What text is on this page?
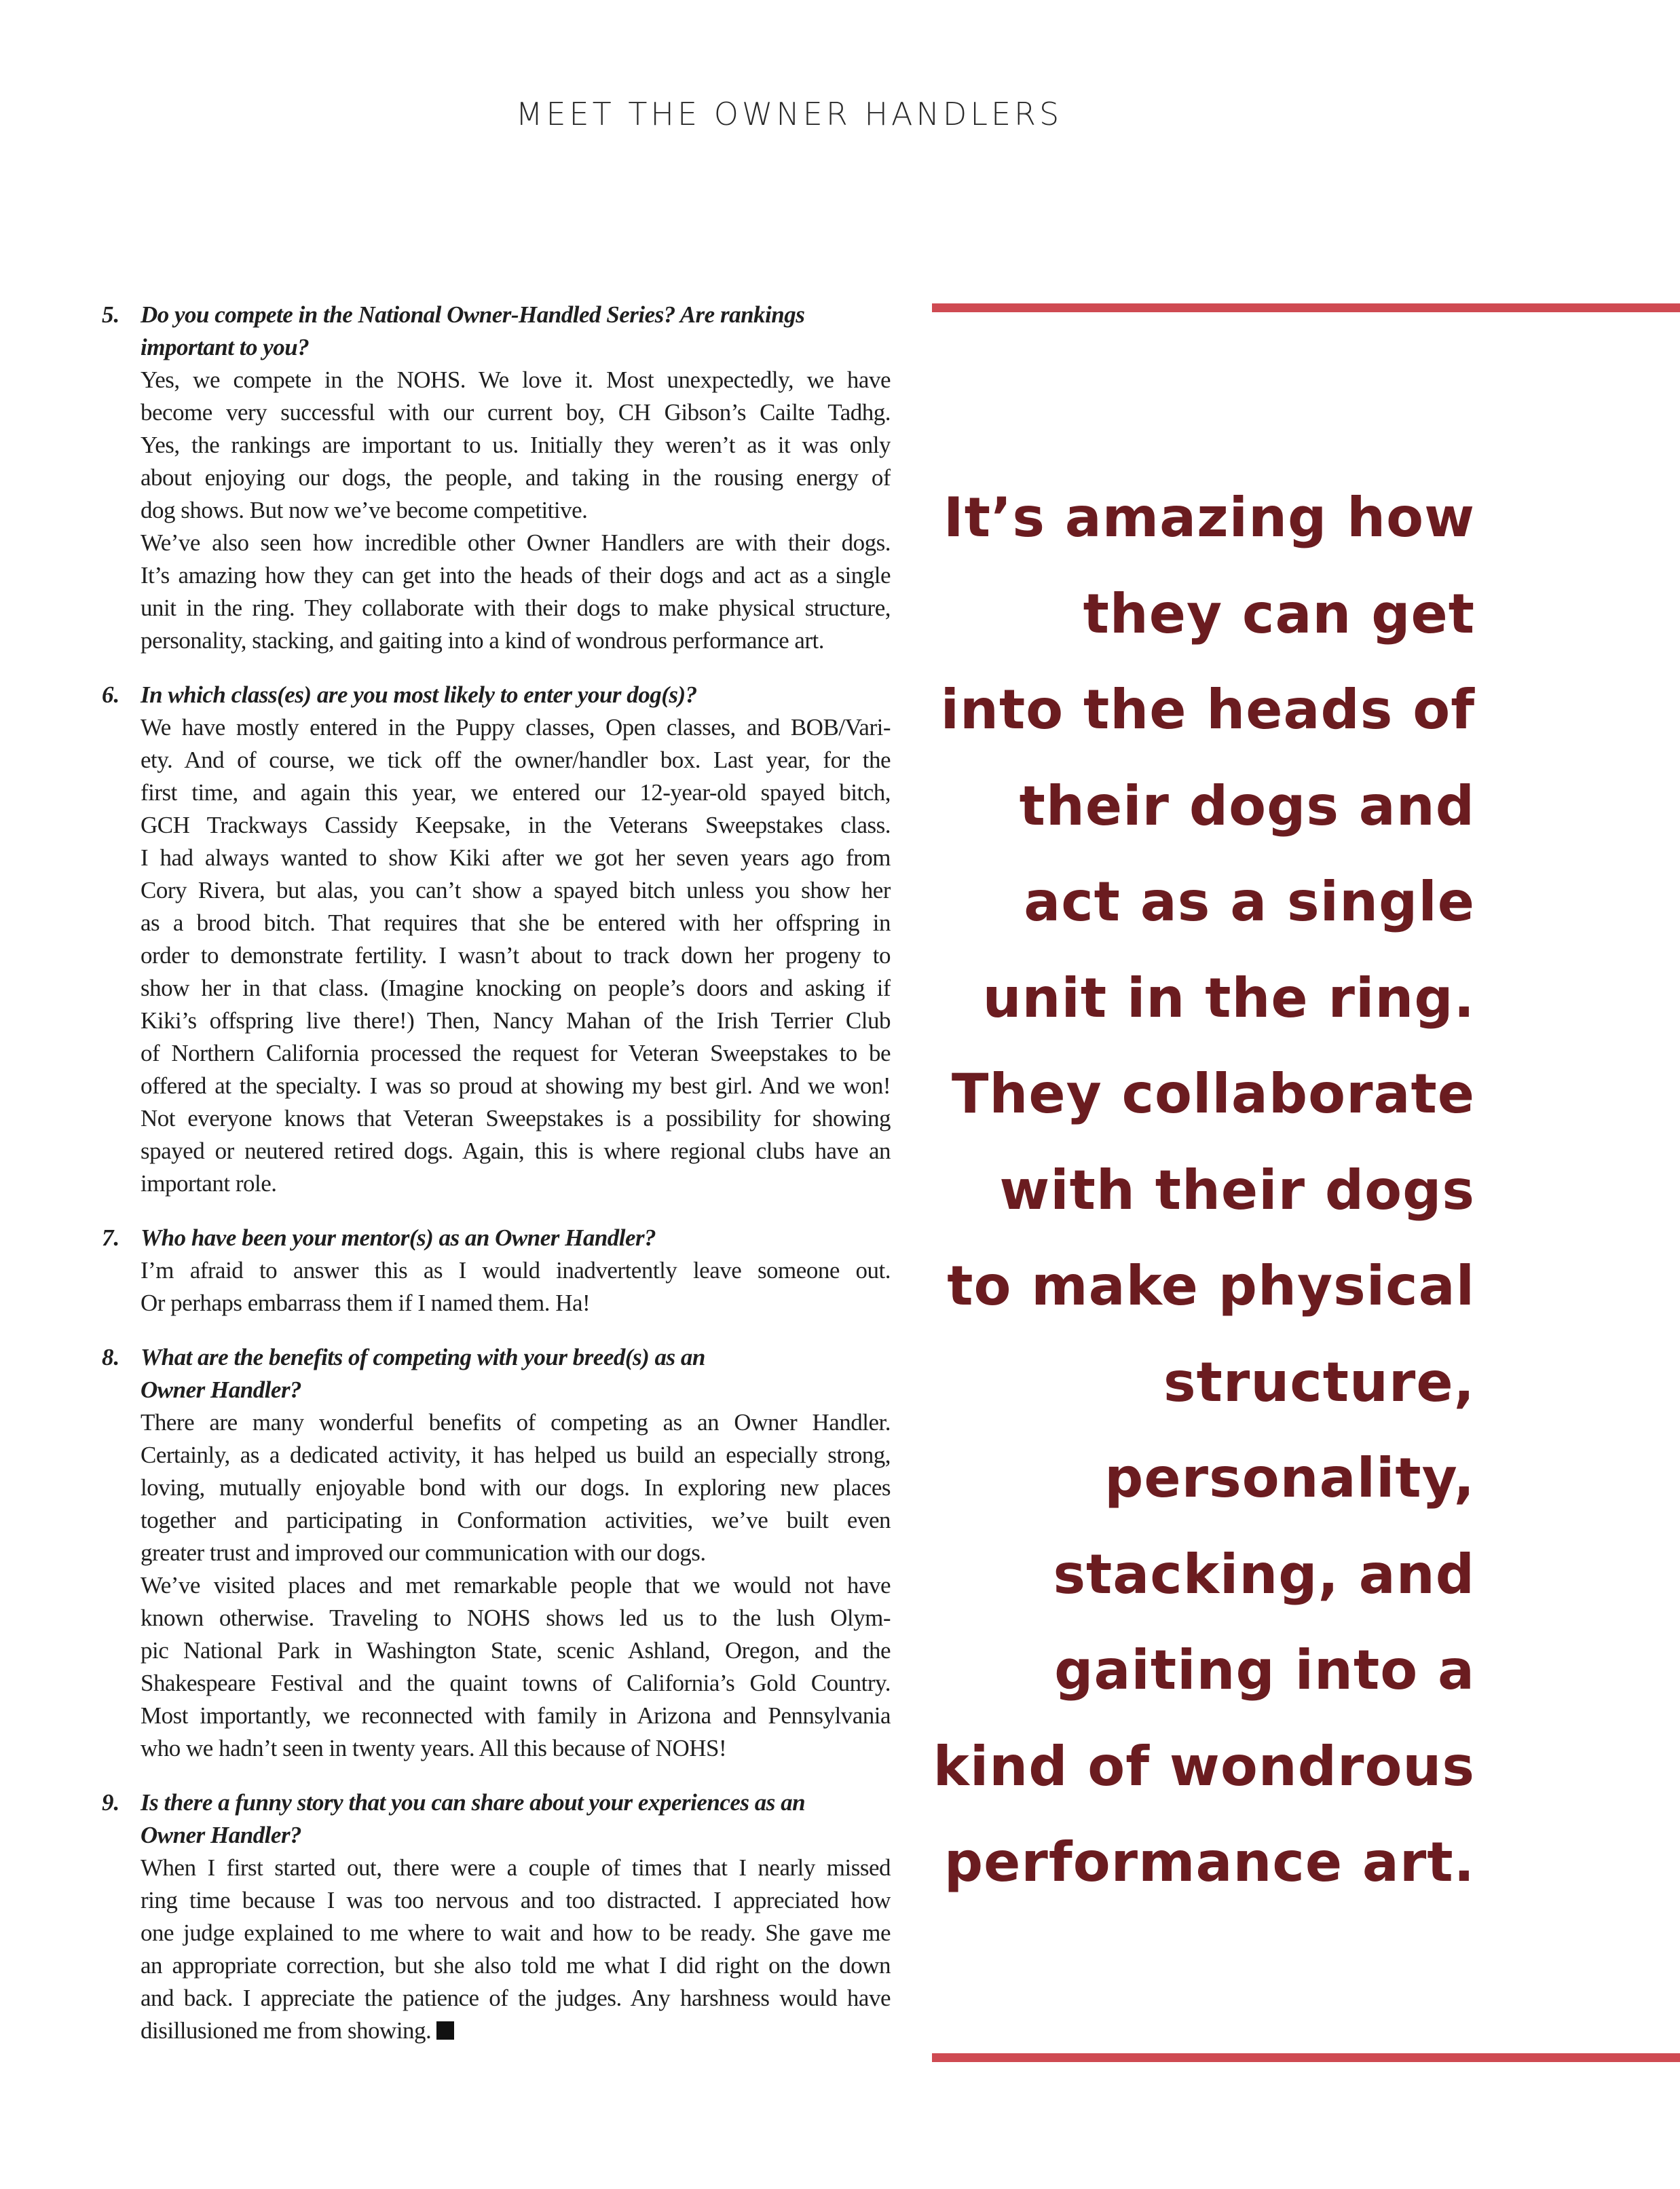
MEET THE OWNER HANDLERS
5. Do you compete in the National Owner-Handled Series? Are rankings
important to you?
Yes, we compete in the NOHS. We love it. Most unexpectedly, we have
become very successful with our current boy, CH Gibson’s Cailte Tadhg.
Yes, the rankings are important to us. Initially they weren’t as it was only
about enjoying our dogs, the people, and taking in the rousing energy of
dog shows. But now we’ve become competitive.
We’ve also seen how incredible other Owner Handlers are with their dogs.
It’s amazing how they can get into the heads of their dogs and act as a single
unit in the ring. They collaborate with their dogs to make physical structure,
personality, stacking, and gaiting into a kind of wondrous performance art.
6. In which class(es) are you most likely to enter your dog(s)?
We have mostly entered in the Puppy classes, Open classes, and BOB/Vari-
ety. And of course, we tick off the owner/handler box. Last year, for the
first time, and again this year, we entered our 12-year-old spayed bitch,
GCH Trackways Cassidy Keepsake, in the Veterans Sweepstakes class.
I had always wanted to show Kiki after we got her seven years ago from
Cory Rivera, but alas, you can’t show a spayed bitch unless you show her
as a brood bitch. That requires that she be entered with her offspring in
order to demonstrate fertility. I wasn’t about to track down her progeny to
show her in that class. (Imagine knocking on people’s doors and asking if
Kiki’s offspring live there!) Then, Nancy Mahan of the Irish Terrier Club
of Northern California processed the request for Veteran Sweepstakes to be
offered at the specialty. I was so proud at showing my best girl. And we won!
Not everyone knows that Veteran Sweepstakes is a possibility for showing
spayed or neutered retired dogs. Again, this is where regional clubs have an
important role.
7. Who have been your mentor(s) as an Owner Handler?
I’m afraid to answer this as I would inadvertently leave someone out.
Or perhaps embarrass them if I named them. Ha!
8. What are the benefits of competing with your breed(s) as an
Owner Handler?
There are many wonderful benefits of competing as an Owner Handler.
Certainly, as a dedicated activity, it has helped us build an especially strong,
loving, mutually enjoyable bond with our dogs. In exploring new places
together and participating in Conformation activities, we’ve built even
greater trust and improved our communication with our dogs.
We’ve visited places and met remarkable people that we would not have
known otherwise. Traveling to NOHS shows led us to the lush Olym-
pic National Park in Washington State, scenic Ashland, Oregon, and the
Shakespeare Festival and the quaint towns of California’s Gold Country.
Most importantly, we reconnected with family in Arizona and Pennsylvania
who we hadn’t seen in twenty years. All this because of NOHS!
9. Is there a funny story that you can share about your experiences as an
Owner Handler?
When I first started out, there were a couple of times that I nearly missed
ring time because I was too nervous and too distracted. I appreciated how
one judge explained to me where to wait and how to be ready. She gave me
an appropriate correction, but she also told me what I did right on the down
and back. I appreciate the patience of the judges. Any harshness would have
disillusioned me from showing.
It’s amazing how
they can get
into the heads of
their dogs and
act as a single
unit in the ring.
They collaborate
with their dogs
to make physical
structure,
personality,
stacking, and
gaiting into a
kind of wondrous
performance art.
